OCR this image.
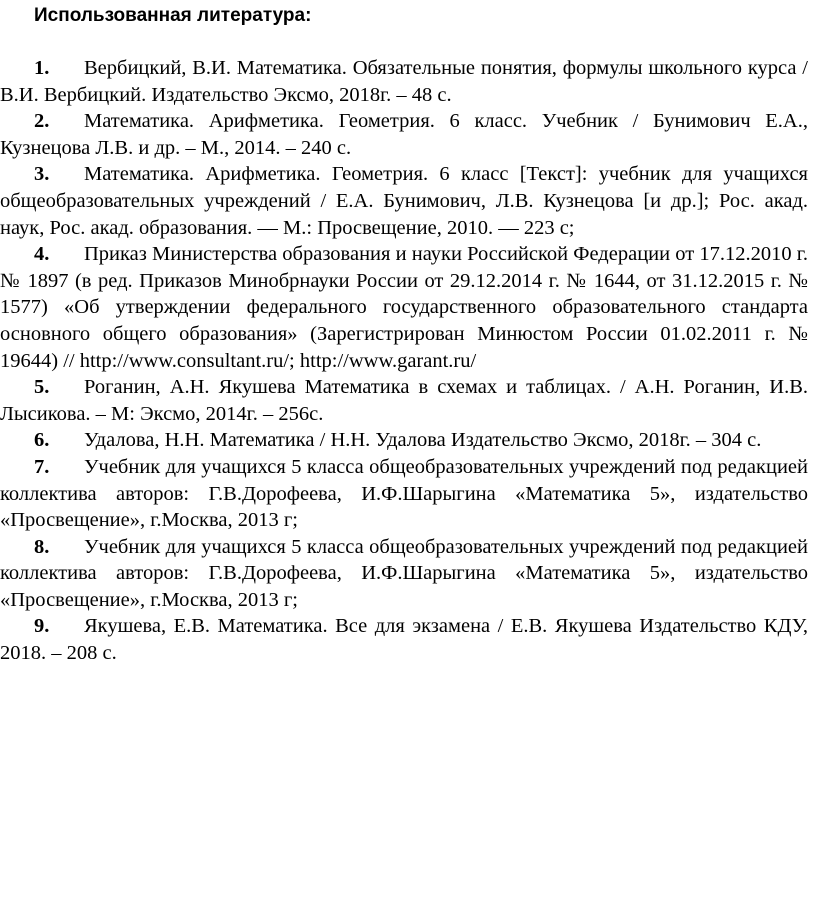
Использованная литература:
1. Вербицкий, В.И. Математика. Обязательные понятия, формулы школьного курса / В.И. Вербицкий. Издательство Эксмо, 2018г. – 48 с.
2. Математика. Арифметика. Геометрия. 6 класс. Учебник / Бунимович Е.А., Кузнецова Л.В. и др. – М., 2014. – 240 с.
3. Математика. Арифметика. Геометрия. 6 класс [Текст]: учебник для учащихся общеобразовательных учреждений / Е.А. Бунимович, Л.В. Кузнецова [и др.]; Рос. акад. наук, Рос. акад. образования. — М.: Просвещение, 2010. — 223 с;
4. Приказ Министерства образования и науки Российской Федерации от 17.12.2010 г. № 1897 (в ред. Приказов Минобрнауки России от 29.12.2014 г. № 1644, от 31.12.2015 г. № 1577) «Об утверждении федерального государственного образовательного стандарта основного общего образования» (Зарегистрирован Минюстом России 01.02.2011 г. № 19644) // http://www.consultant.ru/; http://www.garant.ru/
5. Роганин, А.Н. Якушева Математика в схемах и таблицах. / А.Н. Роганин, И.В. Лысикова. – М: Эксмо, 2014г. – 256с.
6. Удалова, Н.Н. Математика / Н.Н. Удалова Издательство Эксмо, 2018г. – 304 с.
7. Учебник для учащихся 5 класса общеобразовательных учреждений под редакцией коллектива авторов: Г.В.Дорофеева, И.Ф.Шарыгина «Математика 5», издательство «Просвещение», г.Москва, 2013 г;
8. Учебник для учащихся 5 класса общеобразовательных учреждений под редакцией коллектива авторов: Г.В.Дорофеева, И.Ф.Шарыгина «Математика 5», издательство «Просвещение», г.Москва, 2013 г;
9. Якушева, Е.В. Математика. Все для экзамена / Е.В. Якушева Издательство КДУ, 2018. – 208 с.
